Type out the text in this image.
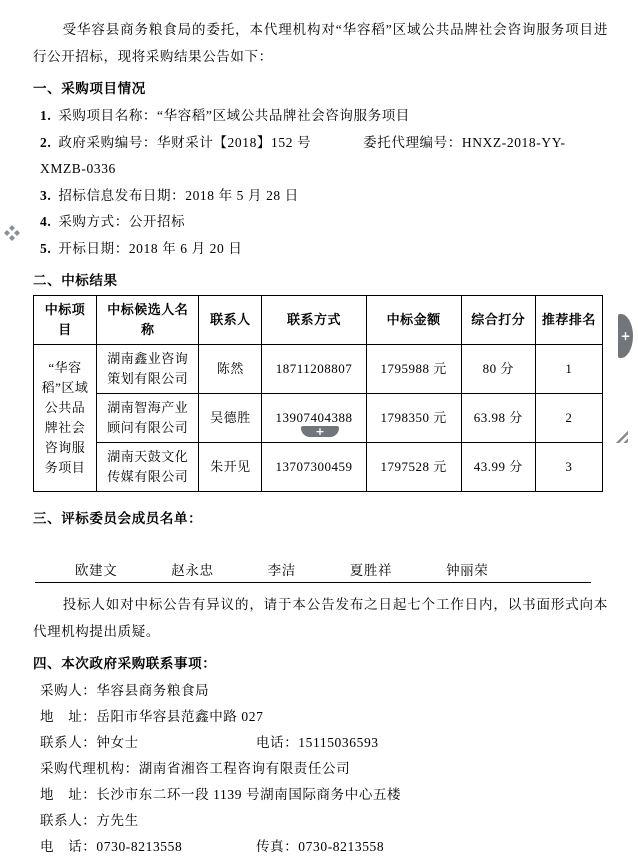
受华容县商务粮食局的委托，本代理机构对“华容稻”区域公共品牌社会咨询服务项目进行公开招标，现将采购结果公告如下：

一、采购项目情况
1. 采购项目名称：“华容稻”区域公共品牌社会咨询服务项目
2. 政府采购编号：华财采计【2018】152 号	委托代理编号：HNXZ-2018-YY-XMZB-0336
3. 招标信息发布日期：2018 年 5 月 28 日
4. 采购方式：公开招标
5. 开标日期：2018 年 6 月 20 日
二、中标结果
中标项目	中标候选人名称	联系人	联系方式	中标金额	综合打分	推荐排名
“华容稻”区域公共品牌社会咨询服务项目	湖南鑫业咨询策划有限公司	陈然	18711208807	1795988 元	80 分	1
	湖南智海产业顾问有限公司	吴德胜	13907404388	1798350 元	63.98 分	2
	湖南天鼓文化传媒有限公司	朱开见	13707300459	1797528 元	43.99 分	3
三、评标委员会成员名单：
欧建文	赵永忠	李洁	夏胜祥	钟丽荣

投标人如对中标公告有异议的，请于本公告发布之日起七个工作日内，以书面形式向本代理机构提出质疑。

四、本次政府采购联系事项：
采购人：华容县商务粮食局
地　址：岳阳市华容县范鑫中路 027
联系人：钟女士	电话：15115036593
采购代理机构：湖南省湘咨工程咨询有限责任公司
地　址：长沙市东二环一段 1139 号湖南国际商务中心五楼
联系人：方先生
电　话：0730-8213558	传真：0730-8213558
+
+
